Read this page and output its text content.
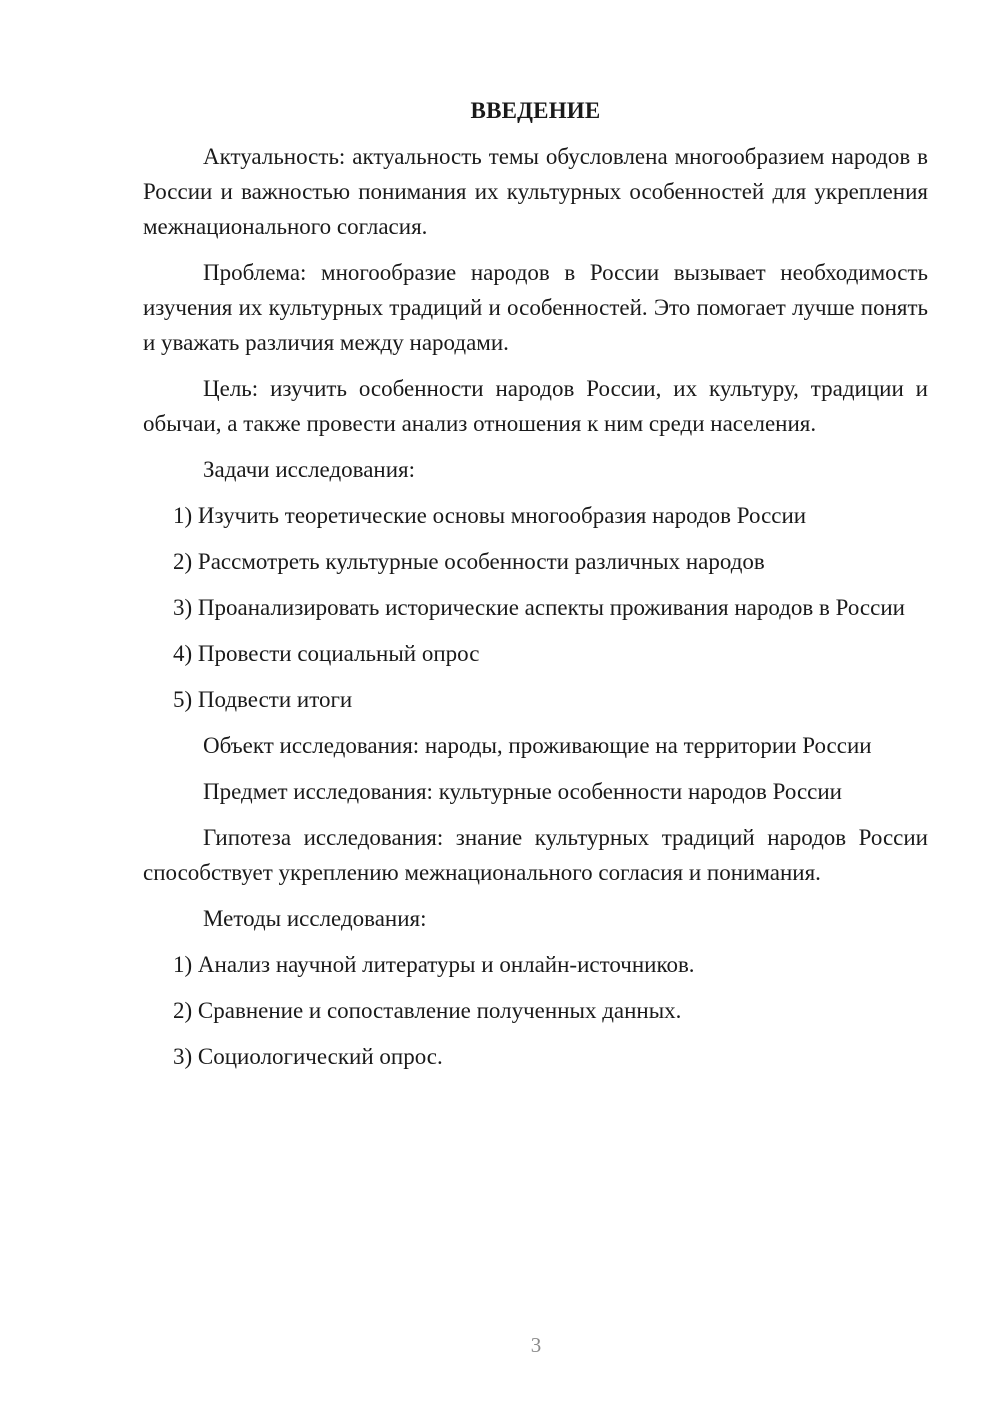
ВВЕДЕНИЕ

Актуальность: актуальность темы обусловлена многообразием народов в России и важностью понимания их культурных особенностей для укрепления межнационального согласия.

Проблема: многообразие народов в России вызывает необходимость изучения их культурных традиций и особенностей. Это помогает лучше понять и уважать различия между народами.

Цель: изучить особенности народов России, их культуру, традиции и обычаи, а также провести анализ отношения к ним среди населения.

Задачи исследования:

1) Изучить теоретические основы многообразия народов России

2) Рассмотреть культурные особенности различных народов

3) Проанализировать исторические аспекты проживания народов в России

4) Провести социальный опрос

5) Подвести итоги

Объект исследования: народы, проживающие на территории России

Предмет исследования: культурные особенности народов России

Гипотеза исследования: знание культурных традиций народов России способствует укреплению межнационального согласия и понимания.

Методы исследования:

1) Анализ научной литературы и онлайн-источников.

2) Сравнение и сопоставление полученных данных.

3) Социологический опрос.

3
